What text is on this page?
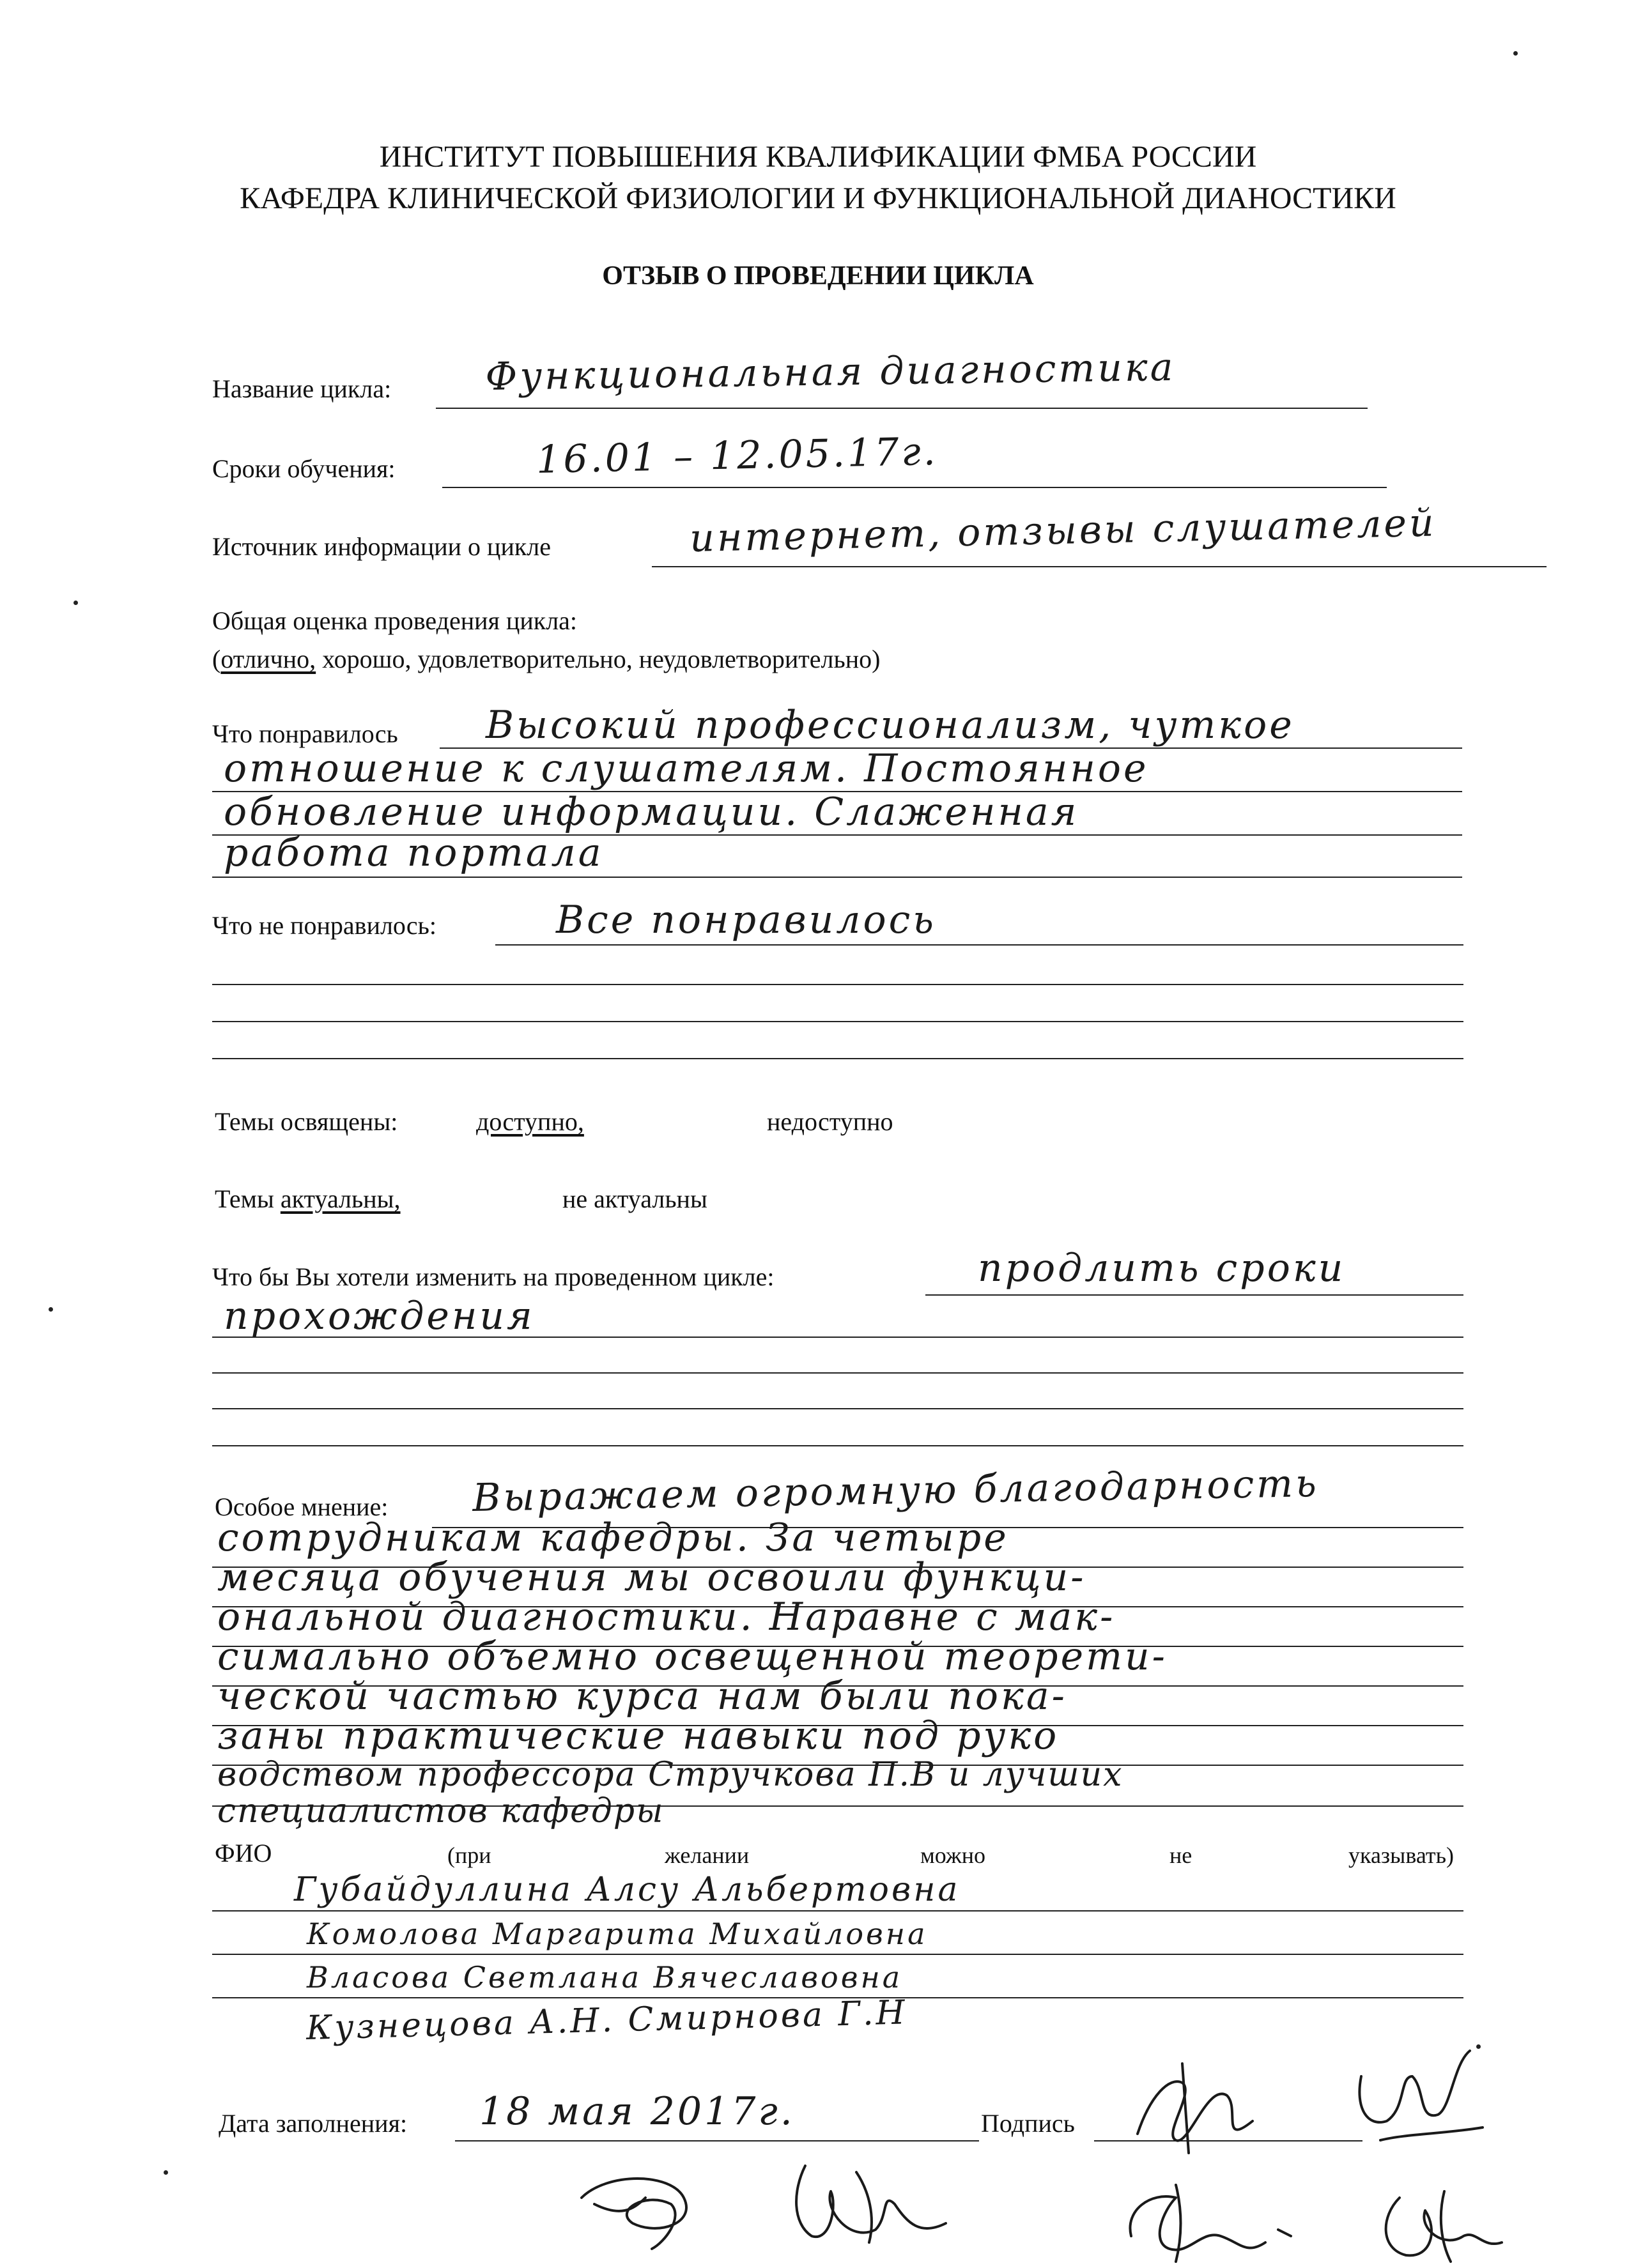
ИНСТИТУТ ПОВЫШЕНИЯ КВАЛИФИКАЦИИ ФМБА РОССИИ
КАФЕДРА КЛИНИЧЕСКОЙ ФИЗИОЛОГИИ И ФУНКЦИОНАЛЬНОЙ ДИАНОСТИКИ
ОТЗЫВ О ПРОВЕДЕНИИ ЦИКЛА
Название цикла: Функциональная диагностика
Сроки обучения:	16.01 – 12.05.17г.
Источник информации о цикле	интернет, отзывы слушателей
Общая оценка проведения цикла:
(отлично, хорошо, удовлетворительно, неудовлетворительно)
Что понравилось Высокий профессионализм, чуткое
отношение к слушателям. Постоянное
обновление информации. Слаженная
работа портала
Что не понравилось:	Все понравилось
Темы освящены:	доступно,	недоступно
Темы актуальны,	не актуальны
Что бы Вы хотели изменить на проведенном цикле:	продлить сроки
прохождения
Особое мнение: Выражаем огромную благодарность
сотрудникам кафедры. За четыре
месяца обучения мы освоили функци-
ональной диагностики. Наравне с мак-
симально объемно освещенной теорети-
ческой частью курса нам были пока-
заны практические навыки под руко
водством профессора Стручкова П.В и лучших
специалистов кафедры
ФИО	(при	желании	можно	не	указывать)
Губайдуллина Алсу Альбертовна
Комолова Маргарита Михайловна
Власова Светлана Вячеславовна
Кузнецова А.Н. Смирнова Г.Н
Дата заполнения: 18 мая 2017г.	Подпись
